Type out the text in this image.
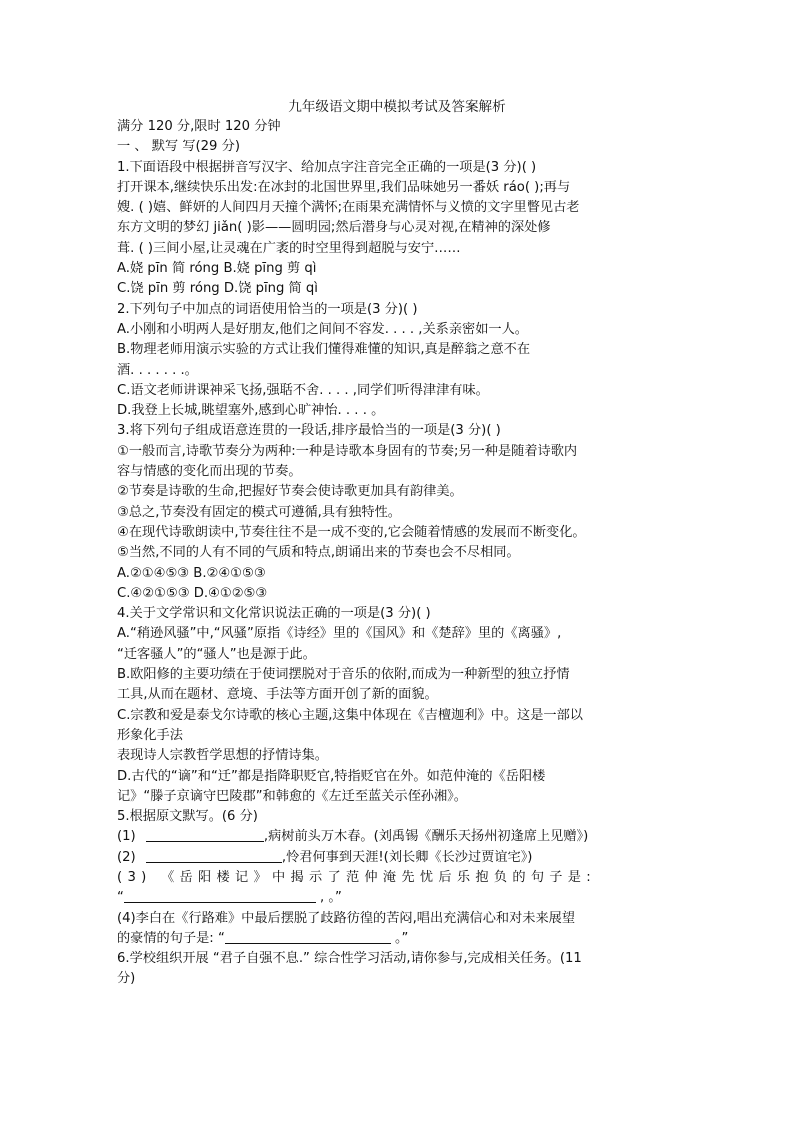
九年级语文期中模拟考试及答案解析
满分 120 分,限时 120 分钟
一 、 默写 写(29 分)
1.下面语段中根据拼音写汉字、给加点字注音完全正确的一项是(3 分)( )
打开课本,继续快乐出发:在冰封的北国世界里,我们品味她另一番妖 ráo( );再与
嫂. ( )嬉、鲜妍的人间四月天撞个满怀;在雨果充满情怀与义愤的文字里瞥见古老
东方文明的梦幻 jiǎn( )影——圆明园;然后潜身与心灵对视,在精神的深处修
葺. ( )三间小屋,让灵魂在广袤的时空里得到超脱与安宁……
A.娆 pīn 简 róng B.娆 pīng 剪 qì
C.饶 pīn 剪 róng D.饶 pīng 简 qì
2.下列句子中加点的词语使用恰当的一项是(3 分)( )
A.小刚和小明两人是好朋友,他们之间间不容发. . . . ,关系亲密如一人。
B.物理老师用演示实验的方式让我们懂得难懂的知识,真是醉翁之意不在
酒. . . . . . .。
C.语文老师讲课神采飞扬,强聒不舍. . . . ,同学们听得津津有味。
D.我登上长城,眺望塞外,感到心旷神怡. . . . 。
3.将下列句子组成语意连贯的一段话,排序最恰当的一项是(3 分)( )
①一般而言,诗歌节奏分为两种:一种是诗歌本身固有的节奏;另一种是随着诗歌内
容与情感的变化而出现的节奏。
②节奏是诗歌的生命,把握好节奏会使诗歌更加具有韵律美。
③总之,节奏没有固定的模式可遵循,具有独特性。
④在现代诗歌朗读中,节奏往往不是一成不变的,它会随着情感的发展而不断变化。
⑤当然,不同的人有不同的气质和特点,朗诵出来的节奏也会不尽相同。
A.②①④⑤③ B.②④①⑤③
C.④②①⑤③ D.④①②⑤③
4.关于文学常识和文化常识说法正确的一项是(3 分)( )
A.“稍逊风骚”中,“风骚”原指《诗经》里的《国风》和《楚辞》里的《离骚》,
“迁客骚人”的“骚人”也是源于此。
B.欧阳修的主要功绩在于使词摆脱对于音乐的依附,而成为一种新型的独立抒情
工具,从而在题材、意境、手法等方面开创了新的面貌。
C.宗教和爱是泰戈尔诗歌的核心主题,这集中体现在《吉檀迦利》中。这是一部以
形象化手法
表现诗人宗教哲学思想的抒情诗集。
D.古代的“谪”和“迁”都是指降职贬官,特指贬官在外。如范仲淹的《岳阳楼
记》“滕子京谪守巴陵郡”和韩愈的《左迁至蓝关示侄孙湘》。
5.根据原文默写。(6 分)
(1)	,病树前头万木春。(刘禹锡《酬乐天扬州初逢席上见赠》)
(2)	,怜君何事到天涯!(刘长卿《长沙过贾谊宅》)
(3) 《岳阳楼记》中揭示了范仲淹先忧后乐抱负的句子是:
“	, 。”
(4)李白在《行路难》中最后摆脱了歧路彷徨的苦闷,唱出充满信心和对未来展望
的豪情的句子是: “	。”
6.学校组织开展 “君子自强不息.” 综合性学习活动,请你参与,完成相关任务。(11
分)
